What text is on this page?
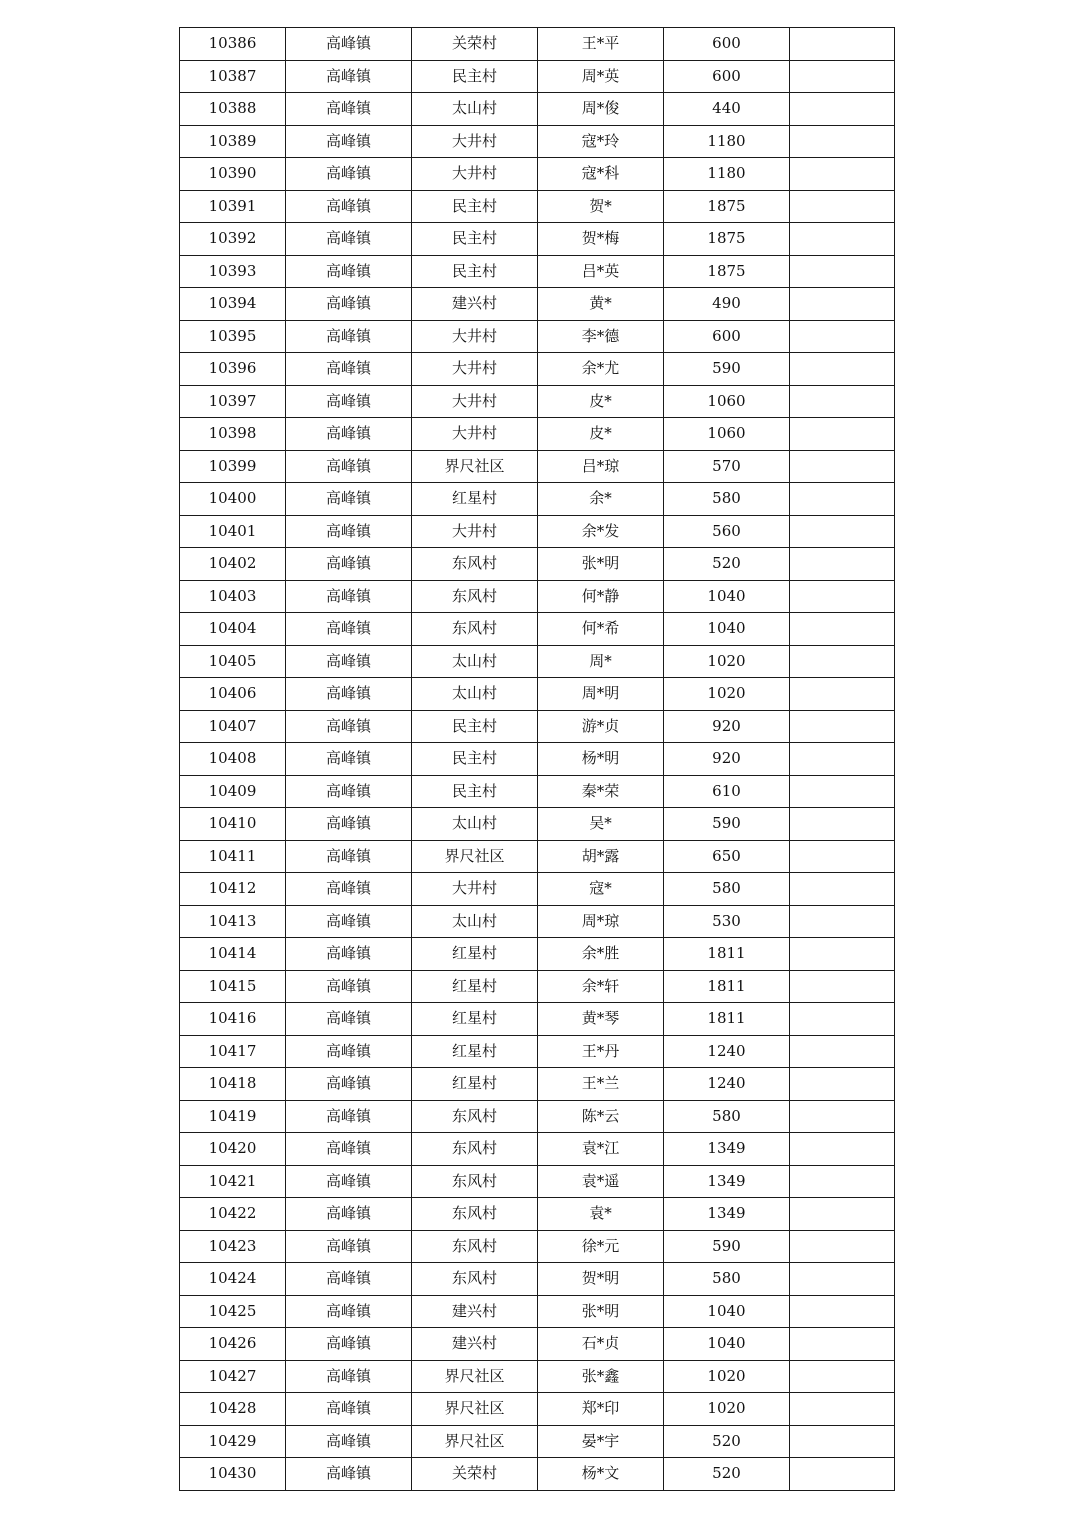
10386	高峰镇	关荣村	王*平	600	
10387	高峰镇	民主村	周*英	600	
10388	高峰镇	太山村	周*俊	440	
10389	高峰镇	大井村	寇*玲	1180	
10390	高峰镇	大井村	寇*科	1180	
10391	高峰镇	民主村	贺*	1875	
10392	高峰镇	民主村	贺*梅	1875	
10393	高峰镇	民主村	吕*英	1875	
10394	高峰镇	建兴村	黄*	490	
10395	高峰镇	大井村	李*德	600	
10396	高峰镇	大井村	余*尤	590	
10397	高峰镇	大井村	皮*	1060	
10398	高峰镇	大井村	皮*	1060	
10399	高峰镇	界尺社区	吕*琼	570	
10400	高峰镇	红星村	余*	580	
10401	高峰镇	大井村	余*发	560	
10402	高峰镇	东风村	张*明	520	
10403	高峰镇	东风村	何*静	1040	
10404	高峰镇	东风村	何*希	1040	
10405	高峰镇	太山村	周*	1020	
10406	高峰镇	太山村	周*明	1020	
10407	高峰镇	民主村	游*贞	920	
10408	高峰镇	民主村	杨*明	920	
10409	高峰镇	民主村	秦*荣	610	
10410	高峰镇	太山村	吴*	590	
10411	高峰镇	界尺社区	胡*露	650	
10412	高峰镇	大井村	寇*	580	
10413	高峰镇	太山村	周*琼	530	
10414	高峰镇	红星村	余*胜	1811	
10415	高峰镇	红星村	余*轩	1811	
10416	高峰镇	红星村	黄*琴	1811	
10417	高峰镇	红星村	王*丹	1240	
10418	高峰镇	红星村	王*兰	1240	
10419	高峰镇	东风村	陈*云	580	
10420	高峰镇	东风村	袁*江	1349	
10421	高峰镇	东风村	袁*遥	1349	
10422	高峰镇	东风村	袁*	1349	
10423	高峰镇	东风村	徐*元	590	
10424	高峰镇	东风村	贺*明	580	
10425	高峰镇	建兴村	张*明	1040	
10426	高峰镇	建兴村	石*贞	1040	
10427	高峰镇	界尺社区	张*鑫	1020	
10428	高峰镇	界尺社区	郑*印	1020	
10429	高峰镇	界尺社区	晏*宇	520	
10430	高峰镇	关荣村	杨*文	520	
